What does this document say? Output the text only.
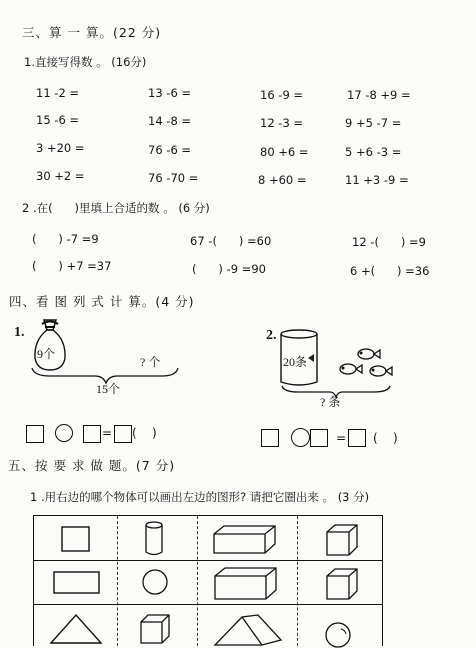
三、算 一 算。(22 分)
1.直接写得数 。 (16分)
11 -2 =	13 -6 =	16 -9 =	17 -8 +9 =
15 -6 =	14 -8 =	12 -3 =	9 +5 -7 =
3 +20 =	76 -6 =	80 +6 =	5 +6 -3 =
30 +2 =	76 -70 =	8 +60 =	11 +3 -9 =
2 .在(      )里填上合适的数 。 (6 分)
(      ) -7 =9	67 -(      ) =60	12 -(      ) =9
(      ) +7 =37	(      ) -9 =90	6 +(      ) =36
四、看 图 列 式 计 算。(4 分)
1.
9个
? 个
15个
2.
20条
? 条
= (    )	= (    )
五、按 要 求 做 题。(7 分)
1 .用右边的哪个物体可以画出左边的图形? 请把它圈出来 。 (3 分)
